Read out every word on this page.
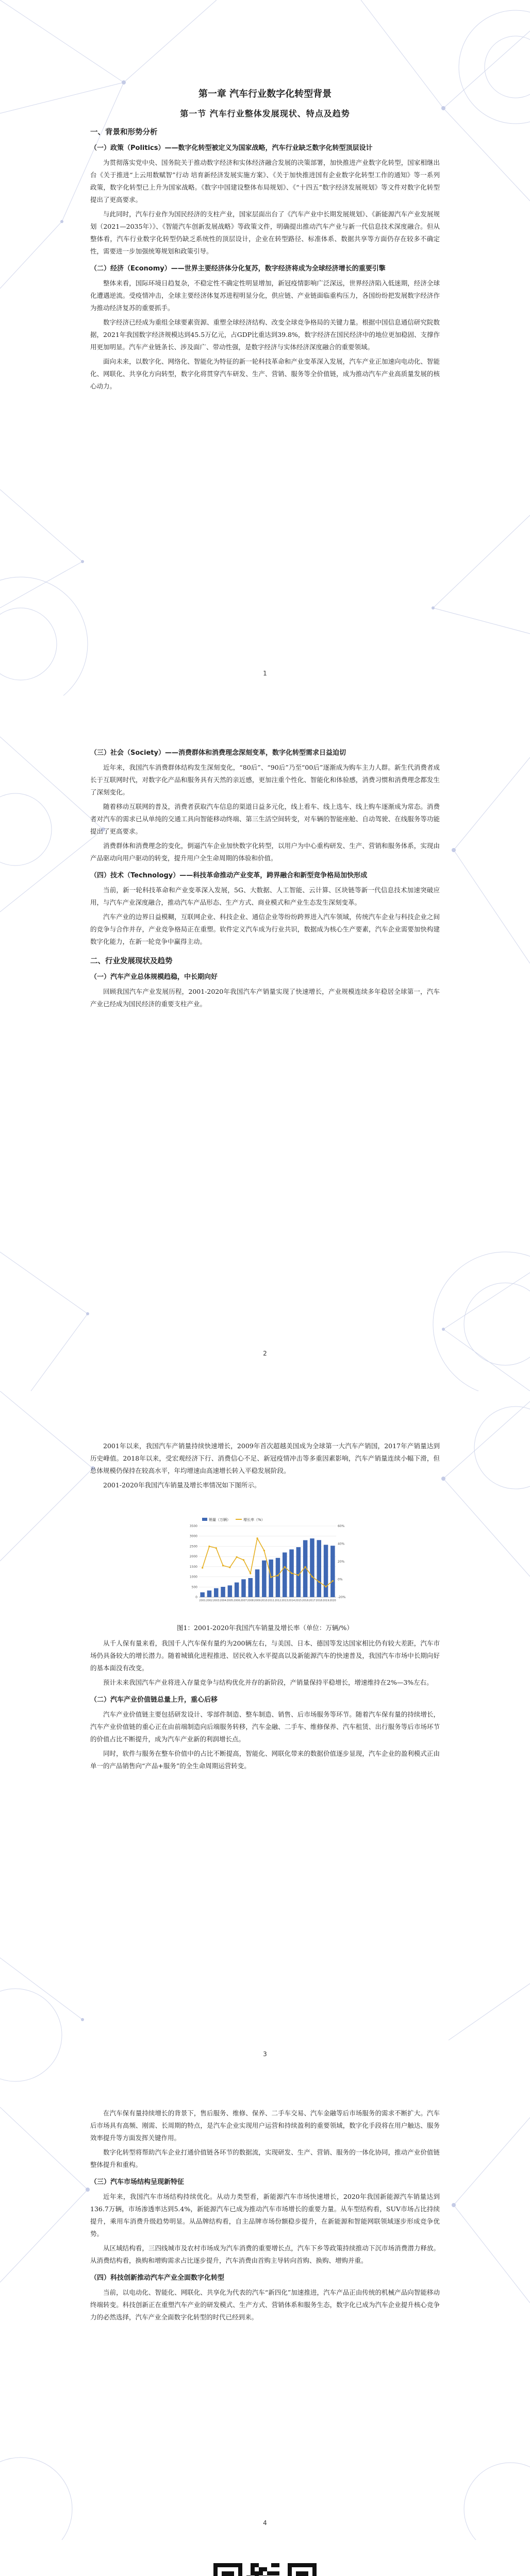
第一章 汽车行业数字化转型背景

第一节 汽车行业整体发展现状、特点及趋势

一、背景和形势分析

（一）政策（Politics）——数字化转型被定义为国家战略，汽车行业缺乏数字化转型顶层设计

为贯彻落实党中央、国务院关于推动数字经济和实体经济融合发展的决策部署，加快推进产业数字化转型，国家相继出台《关于推进“上云用数赋智”行动 培育新经济发展实施方案》、《关于加快推进国有企业数字化转型工作的通知》等一系列政策，数字化转型已上升为国家战略。《数字中国建设整体布局规划》、《“十四五”数字经济发展规划》等文件对数字化转型提出了更高要求。

与此同时，汽车行业作为国民经济的支柱产业，国家层面出台了《汽车产业中长期发展规划》、《新能源汽车产业发展规划（2021—2035年）》、《智能汽车创新发展战略》等政策文件，明确提出推动汽车产业与新一代信息技术深度融合。但从整体看，汽车行业数字化转型仍缺乏系统性的顶层设计，企业在转型路径、标准体系、数据共享等方面仍存在较多不确定性，需要进一步加强统筹规划和政策引导。

（二）经济（Economy）——世界主要经济体分化复苏，数字经济将成为全球经济增长的重要引擎

整体来看，国际环境日趋复杂，不稳定性不确定性明显增加，新冠疫情影响广泛深远，世界经济陷入低迷期，经济全球化遭遇逆流。受疫情冲击，全球主要经济体复苏进程明显分化，供应链、产业链面临重构压力，各国纷纷把发展数字经济作为推动经济复苏的重要抓手。

数字经济已经成为重组全球要素资源、重塑全球经济结构、改变全球竞争格局的关键力量。根据中国信息通信研究院数据，2021年我国数字经济规模达到45.5万亿元，占GDP比重达到39.8%，数字经济在国民经济中的地位更加稳固、支撑作用更加明显。汽车产业链条长、涉及面广、带动性强，是数字经济与实体经济深度融合的重要领域。

面向未来，以数字化、网络化、智能化为特征的新一轮科技革命和产业变革深入发展，汽车产业正加速向电动化、智能化、网联化、共享化方向转型，数字化将贯穿汽车研发、生产、营销、服务等全价值链，成为推动汽车产业高质量发展的核心动力。

1

（三）社会（Society）——消费群体和消费理念深刻变革，数字化转型需求日益迫切

近年来，我国汽车消费群体结构发生深刻变化，“80后”、“90后”乃至“00后”逐渐成为购车主力人群。新生代消费者成长于互联网时代，对数字化产品和服务具有天然的亲近感，更加注重个性化、智能化和体验感，消费习惯和消费理念都发生了深刻变化。

随着移动互联网的普及，消费者获取汽车信息的渠道日益多元化，线上看车、线上选车、线上购车逐渐成为常态。消费者对汽车的需求已从单纯的交通工具向智能移动终端、第三生活空间转变，对车辆的智能座舱、自动驾驶、在线服务等功能提出了更高要求。

消费群体和消费理念的变化，倒逼汽车企业加快数字化转型，以用户为中心重构研发、生产、营销和服务体系，实现由产品驱动向用户驱动的转变，提升用户全生命周期的体验和价值。

（四）技术（Technology）——科技革命推动产业变革，跨界融合和新型竞争格局加快形成

当前，新一轮科技革命和产业变革深入发展，5G、大数据、人工智能、云计算、区块链等新一代信息技术加速突破应用，与汽车产业深度融合，推动汽车产品形态、生产方式、商业模式和产业生态发生深刻变革。

汽车产业的边界日益模糊，互联网企业、科技企业、通信企业等纷纷跨界进入汽车领域，传统汽车企业与科技企业之间的竞争与合作并存，产业竞争格局正在重塑。软件定义汽车成为行业共识，数据成为核心生产要素，汽车企业需要加快构建数字化能力，在新一轮竞争中赢得主动。

二、行业发展现状及趋势

（一）汽车产业总体规模趋稳，中长期向好

回顾我国汽车产业发展历程，2001-2020年我国汽车产销量实现了快速增长，产业规模连续多年稳居全球第一，汽车产业已经成为国民经济的重要支柱产业。

2

2001年以来，我国汽车产销量持续快速增长，2009年首次超越美国成为全球第一大汽车产销国，2017年产销量达到历史峰值。2018年以来，受宏观经济下行、消费信心不足、新冠疫情冲击等多重因素影响，汽车产销量连续小幅下滑，但总体规模仍保持在较高水平，年均增速由高速增长转入平稳发展阶段。

2001-2020年我国汽车销量及增长率情况如下图所示。

2001 2002 2003 2004 2005 2006 2007 2008 2009 2010 2011 2012 2013 2014 2015 2016 2017 2018 2019 2020
0
500
1000
1500
2000
2500
3000
3500
-20%
0%
20%
40%
60%
销量（万辆）	增长率（%）

图1：2001-2020年我国汽车销量及增长率（单位：万辆/%）

从千人保有量来看，我国千人汽车保有量约为200辆左右，与美国、日本、德国等发达国家相比仍有较大差距，汽车市场仍具备较大的增长潜力。随着城镇化进程推进、居民收入水平提高以及新能源汽车的快速普及，我国汽车市场中长期向好的基本面没有改变。

预计未来我国汽车产业将进入存量竞争与结构优化并存的新阶段，产销量保持平稳增长，增速维持在2%—3%左右。

（二）汽车产业价值链总量上升，重心后移

汽车产业价值链主要包括研发设计、零部件制造、整车制造、销售、后市场服务等环节。随着汽车保有量的持续增长，汽车产业价值链的重心正在由前端制造向后端服务转移，汽车金融、二手车、维修保养、汽车租赁、出行服务等后市场环节的价值占比不断提升，成为汽车产业新的利润增长点。

同时，软件与服务在整车价值中的占比不断提高，智能化、网联化带来的数据价值逐步显现，汽车企业的盈利模式正由单一的产品销售向“产品+服务”的全生命周期运营转变。

3

在汽车保有量持续增长的背景下，售后服务、维修、保养、二手车交易、汽车金融等后市场服务的需求不断扩大。汽车后市场具有高频、刚需、长周期的特点，是汽车企业实现用户运营和持续盈利的重要领域，数字化手段将在用户触达、服务效率提升等方面发挥关键作用。

数字化转型将帮助汽车企业打通价值链各环节的数据流，实现研发、生产、营销、服务的一体化协同，推动产业价值链整体提升和重构。

（三）汽车市场结构呈现新特征

近年来，我国汽车市场结构持续优化。从动力类型看，新能源汽车市场快速增长，2020年我国新能源汽车销量达到136.7万辆，市场渗透率达到5.4%，新能源汽车已成为推动汽车市场增长的重要力量。从车型结构看，SUV市场占比持续提升，乘用车消费升级趋势明显。从品牌结构看，自主品牌市场份额稳步提升，在新能源和智能网联领域逐步形成竞争优势。

从区域结构看，三四线城市及农村市场成为汽车消费的重要增长点，汽车下乡等政策持续推动下沉市场消费潜力释放。从消费结构看，换购和增购需求占比逐步提升，汽车消费由首购主导转向首购、换购、增购并重。

（四）科技创新推动汽车产业全面数字化转型

当前，以电动化、智能化、网联化、共享化为代表的汽车“新四化”加速推进，汽车产品正由传统的机械产品向智能移动终端转变。科技创新正在重塑汽车产业的研发模式、生产方式、营销体系和服务生态，数字化已成为汽车企业提升核心竞争力的必然选择，汽车产业全面数字化转型的时代已经到来。

4
